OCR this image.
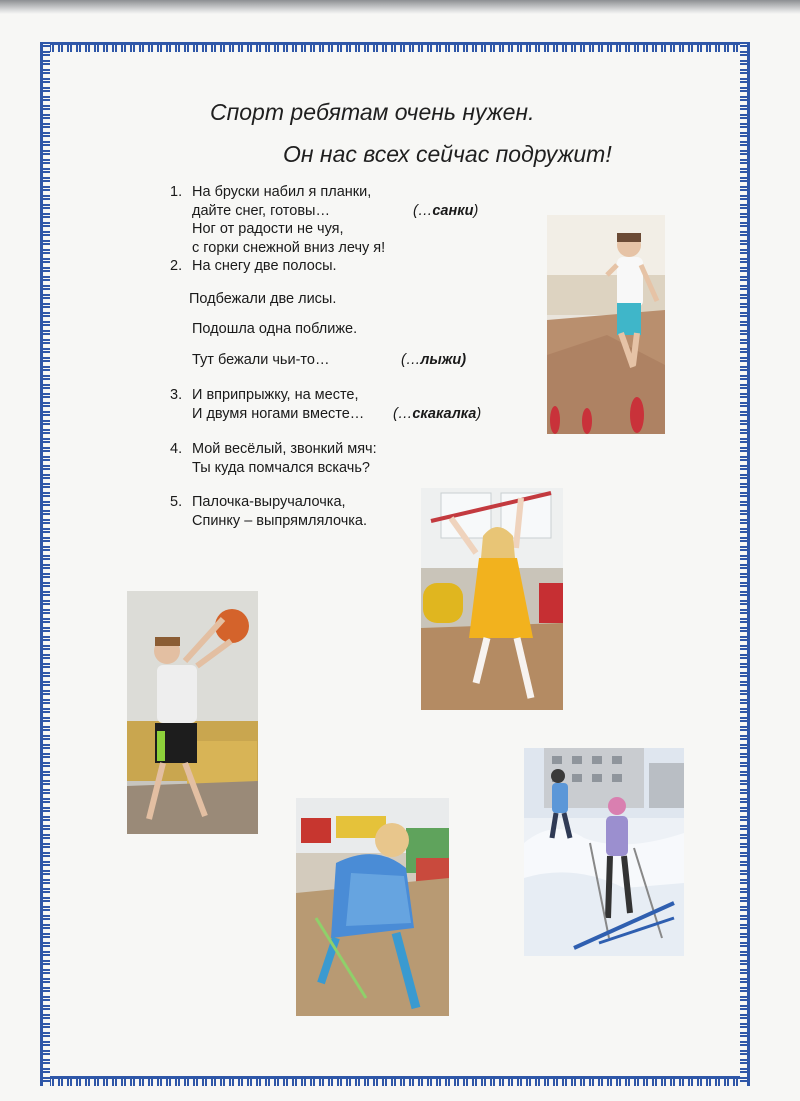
Спорт ребятам очень нужен.
Он нас всех сейчас подружит!
1. На бруски набил я планки,
дайте снег, готовы…	(…санки)
Ног от радости не чуя,
с горки снежной вниз лечу я!
2. На снегу две полосы.
Подбежали две лисы.
Подошла одна поближе.
Тут бежали чьи-то…	(…лыжи)
3. И вприпрыжку, на месте,
И двумя ногами вместе… (…скакалка)
4. Мой весёлый, звонкий мяч:
Ты куда помчался вскачь?
5. Палочка-выручалочка,
Спинку – выпрямлялочка.
